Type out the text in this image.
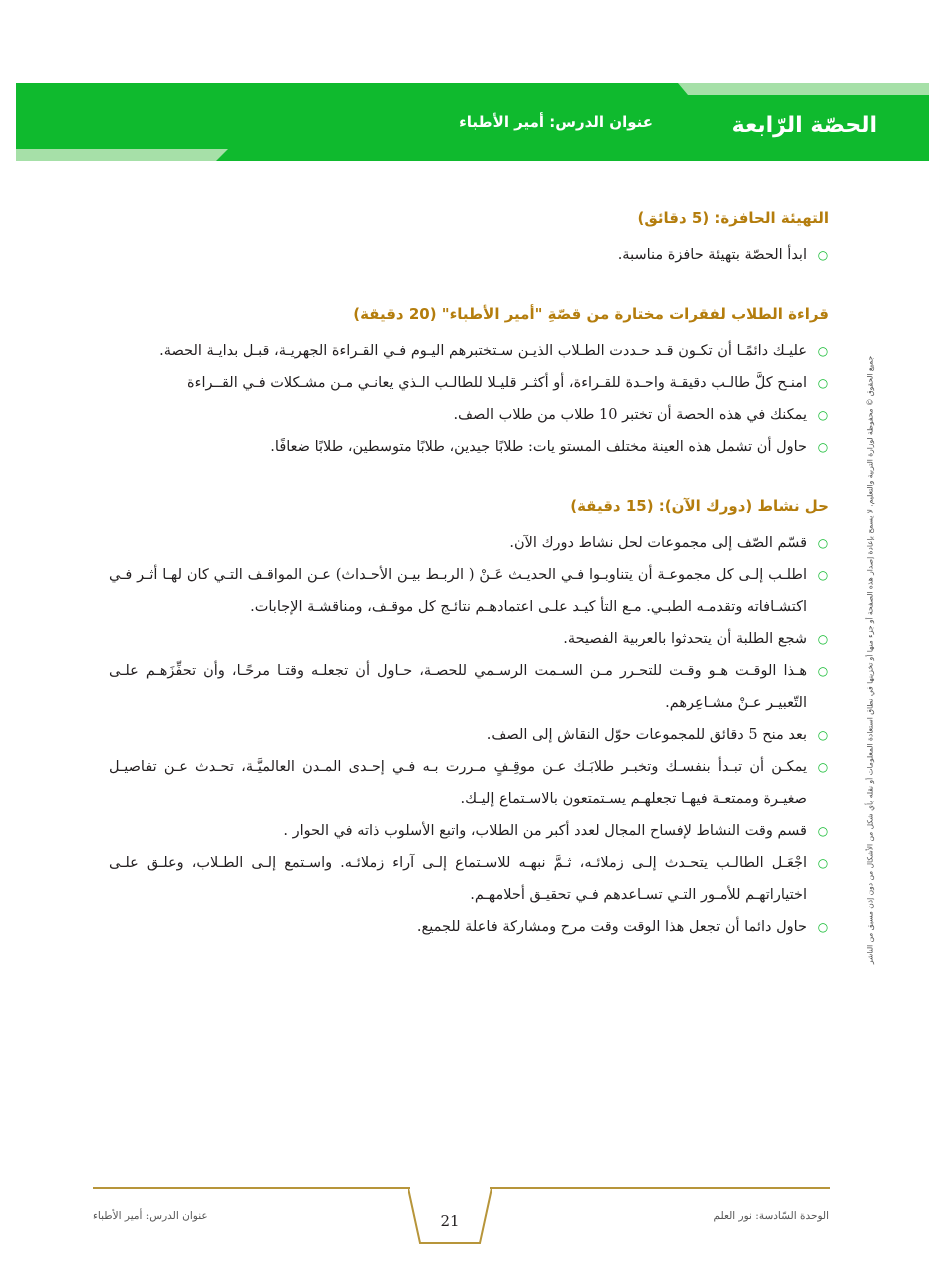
الحصّة الرّابعة
عنوان الدرس: أمير الأطباء
جميع الحقوق © محفوظة لوزارة التربية والتعليم. لا يسمح بإعادة إصدار هذه الصفحة أو جزء منها أو تخزينها في نطاق استعادة المعلومات أو نقله بأي شكل من الأشكال من دون إذن مسبق من الناشر
التهيئة الحافزة: (5 دقائق)
○
ابدأ الحصّة بتهيئة حافزة مناسبة.
قراءة الطلاب لفقرات مختارة من قصّةِ "أمير الأطباء" (20 دقيقة)
○
عليـك دائمًـا أن تكـون قـد حـددت الطـلاب الذيـن سـتختبرهم اليـوم فـي القـراءة الجهريـة، قبـل بدايـة الحصة.
○
امنـح كلَّ طالـب دقيقـة واحـدة للقـراءة، أو أكثـر قليـلا للطالـب الـذي يعانـي مـن مشـكلات فـي القــراءة
○
يمكنك في هذه الحصة أن تختبر 10 طلاب من طلاب الصف.
○
حاول أن تشمل هذه العينة مختلف المستو يات: طلابًا جيدين، طلابًا متوسطين، طلابًا ضعافًا.
حل نشاط (دورك الآن): (15 دقيقة)
○
قسّم الصّف إلى مجموعات لحل نشاط دورك الآن.
○
اطلـب إلـى كل مجموعـة أن يتناوبـوا فـي الحديـث عَـنْ ( الربـط بيـن الأحـداث) عـن المواقـف التـي كان لهـا أثـر فـي اكتشـافاته وتقدمـه الطبـي. مـع التأ كيـد علـى اعتمادهـم نتائـج كل موقـف، ومناقشـة الإجابات.
○
شجع الطلبة أن يتحدثوا بالعربية الفصيحة.
○
هـذا الوقـت هـو وقـت للتحـرر مـن السـمت الرسـمي للحصـة، حـاول أن تجعلـه وقتـا مرحًـا، وأن تحفِّزَهـم علـى التّعبيـر عـنْ مشـاعِرهم.
○
بعد منح 5 دقائق للمجموعات حوّل النقاش إلى الصف.
○
يمكـن أن تبـدأ بنفسـك وتخبـر طلابَـك عـن موقِـفٍ مـررت بـه فـي إحـدى المـدن العالميَّـة، تحـدث عـن تفاصيـل صغيـرة وممتعـة فيهـا تجعلهـم يسـتمتعون بالاسـتماع إليـك.
○
قسم وقت النشاط لإفساح المجال لعدد أكبر من الطلاب، واتبع الأسلوب ذاته في الحوار .
○
اجْعَـل الطالـب يتحـدث إلـى زملائـه، ثـمَّ نبهـه للاسـتماع إلـى آراء زملائـه. واسـتمع إلـى الطـلاب، وعلـق علـى اختياراتهـم للأمـور التـي تسـاعدهم فـي تحقيـق أحلامهـم.
○
حاول دائما أن تجعل هذا الوقت وقت مرح ومشاركة فاعلة للجميع.
21	الوحدة السّادسة: نور العلم
عنوان الدرس: أمير الأطباء
